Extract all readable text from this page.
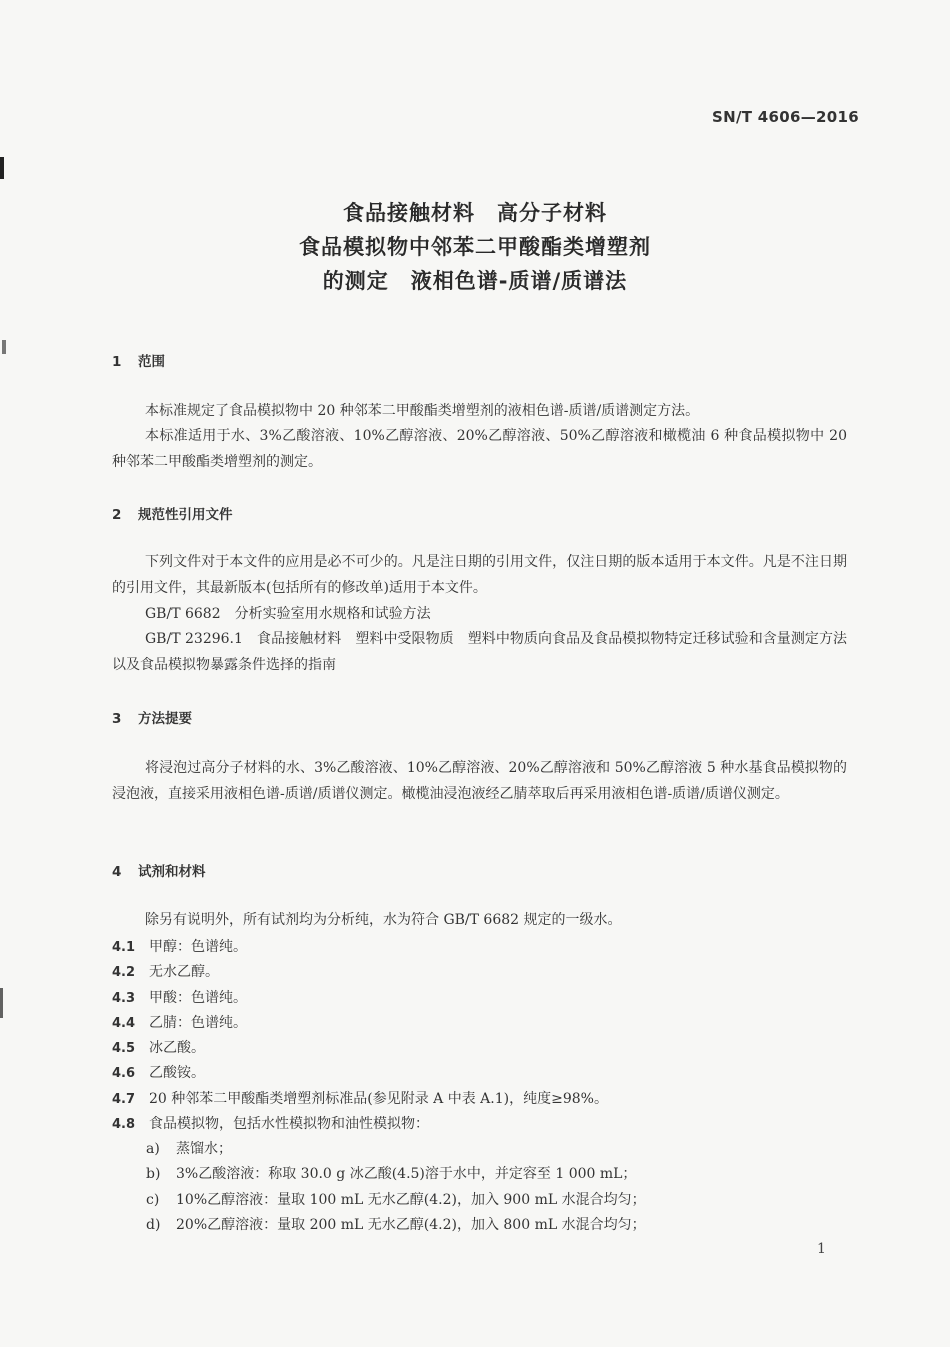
SN/T 4606—2016
食品接触材料　高分子材料
食品模拟物中邻苯二甲酸酯类增塑剂
的测定　液相色谱-质谱/质谱法
1 范围
本标准规定了食品模拟物中 20 种邻苯二甲酸酯类增塑剂的液相色谱-质谱/质谱测定方法。
本标准适用于水、3%乙酸溶液、10%乙醇溶液、20%乙醇溶液、50%乙醇溶液和橄榄油 6 种食品模拟物中 20 种邻苯二甲酸酯类增塑剂的测定。
2 规范性引用文件
下列文件对于本文件的应用是必不可少的。凡是注日期的引用文件，仅注日期的版本适用于本文件。凡是不注日期的引用文件，其最新版本(包括所有的修改单)适用于本文件。
GB/T 6682　分析实验室用水规格和试验方法
GB/T 23296.1　食品接触材料　塑料中受限物质　塑料中物质向食品及食品模拟物特定迁移试验和含量测定方法以及食品模拟物暴露条件选择的指南
3 方法提要
将浸泡过高分子材料的水、3%乙酸溶液、10%乙醇溶液、20%乙醇溶液和 50%乙醇溶液 5 种水基食品模拟物的浸泡液，直接采用液相色谱-质谱/质谱仪测定。橄榄油浸泡液经乙腈萃取后再采用液相色谱-质谱/质谱仪测定。
4 试剂和材料
除另有说明外，所有试剂均为分析纯，水为符合 GB/T 6682 规定的一级水。
4.1 甲醇：色谱纯。
4.2 无水乙醇。
4.3 甲酸：色谱纯。
4.4 乙腈：色谱纯。
4.5 冰乙酸。
4.6 乙酸铵。
4.7 20 种邻苯二甲酸酯类增塑剂标准品(参见附录 A 中表 A.1)，纯度≥98%。
4.8 食品模拟物，包括水性模拟物和油性模拟物：
a) 蒸馏水；
b) 3%乙酸溶液：称取 30.0 g 冰乙酸(4.5)溶于水中，并定容至 1 000 mL；
c) 10%乙醇溶液：量取 100 mL 无水乙醇(4.2)，加入 900 mL 水混合均匀；
d) 20%乙醇溶液：量取 200 mL 无水乙醇(4.2)，加入 800 mL 水混合均匀；
1
